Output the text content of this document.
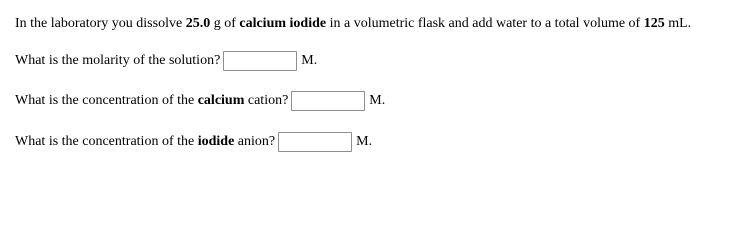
In the laboratory you dissolve 25.0 g of calcium iodide in a volumetric flask and add water to a total volume of 125 mL.
What is the molarity of the solution?	M.
What is the concentration of the calcium cation?	M.
What is the concentration of the iodide anion?	M.
